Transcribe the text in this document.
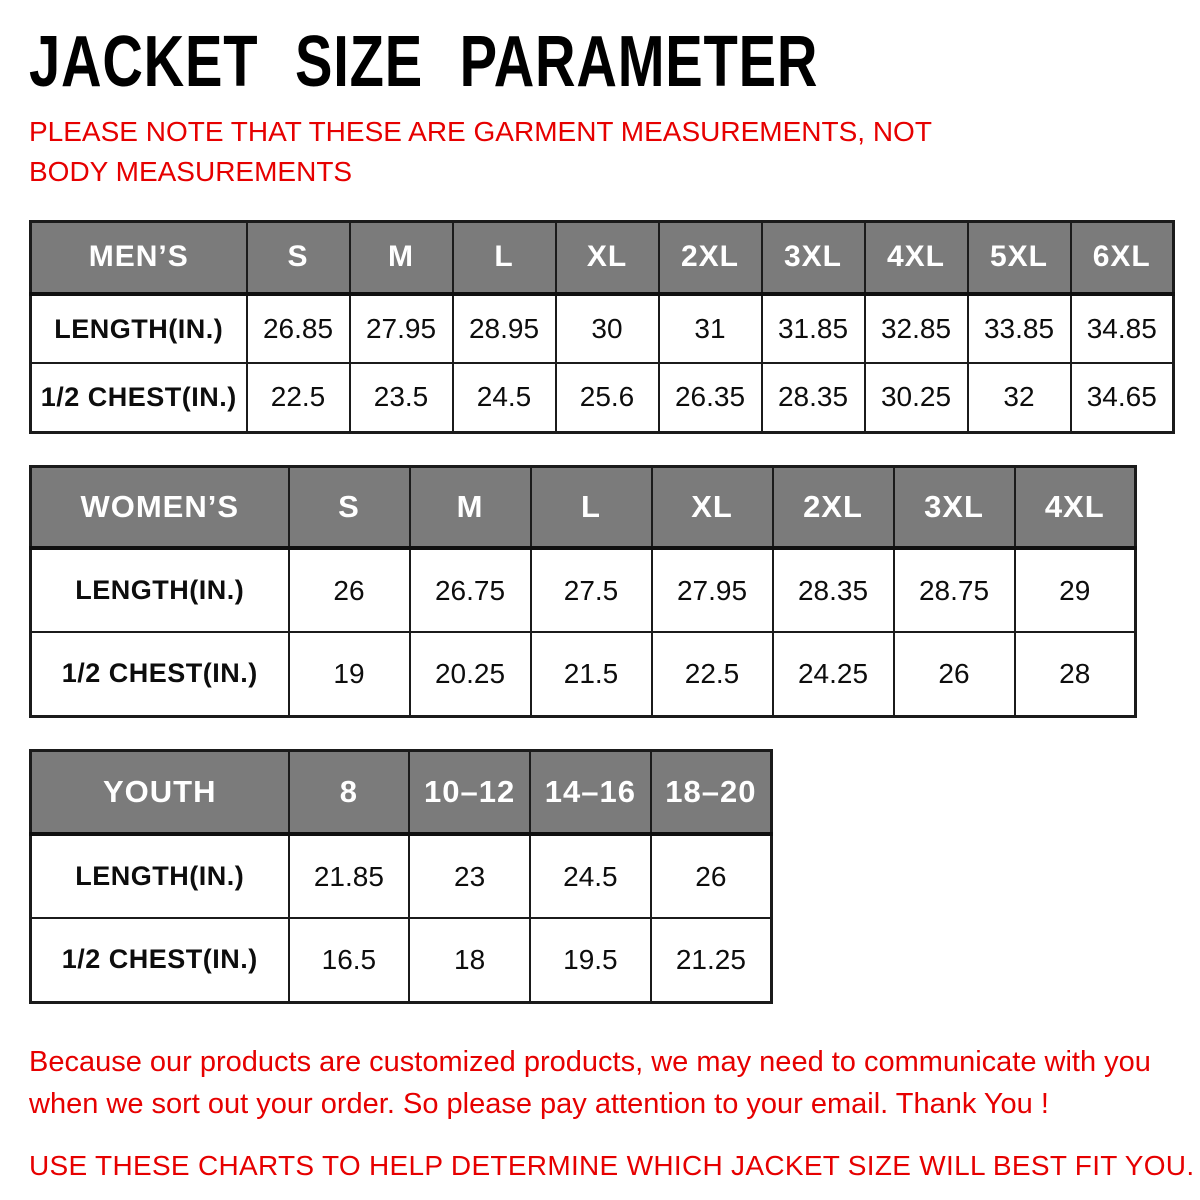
JACKET SIZE PARAMETER

PLEASE NOTE THAT THESE ARE GARMENT MEASUREMENTS, NOT BODY MEASUREMENTS

MEN’S	S	M	L	XL	2XL	3XL	4XL	5XL	6XL
LENGTH(IN.)	26.85	27.95	28.95	30	31	31.85	32.85	33.85	34.85
1/2 CHEST(IN.)	22.5	23.5	24.5	25.6	26.35	28.35	30.25	32	34.65
WOMEN’S	S	M	L	XL	2XL	3XL	4XL
LENGTH(IN.)	26	26.75	27.5	27.95	28.35	28.75	29
1/2 CHEST(IN.)	19	20.25	21.5	22.5	24.25	26	28
YOUTH	8	10–12	14–16	18–20
LENGTH(IN.)	21.85	23	24.5	26
1/2 CHEST(IN.)	16.5	18	19.5	21.25

Because our products are customized products, we may need to communicate with you when we sort out your order. So please pay attention to your email. Thank You !

USE THESE CHARTS TO HELP DETERMINE WHICH JACKET SIZE WILL BEST FIT YOU.
